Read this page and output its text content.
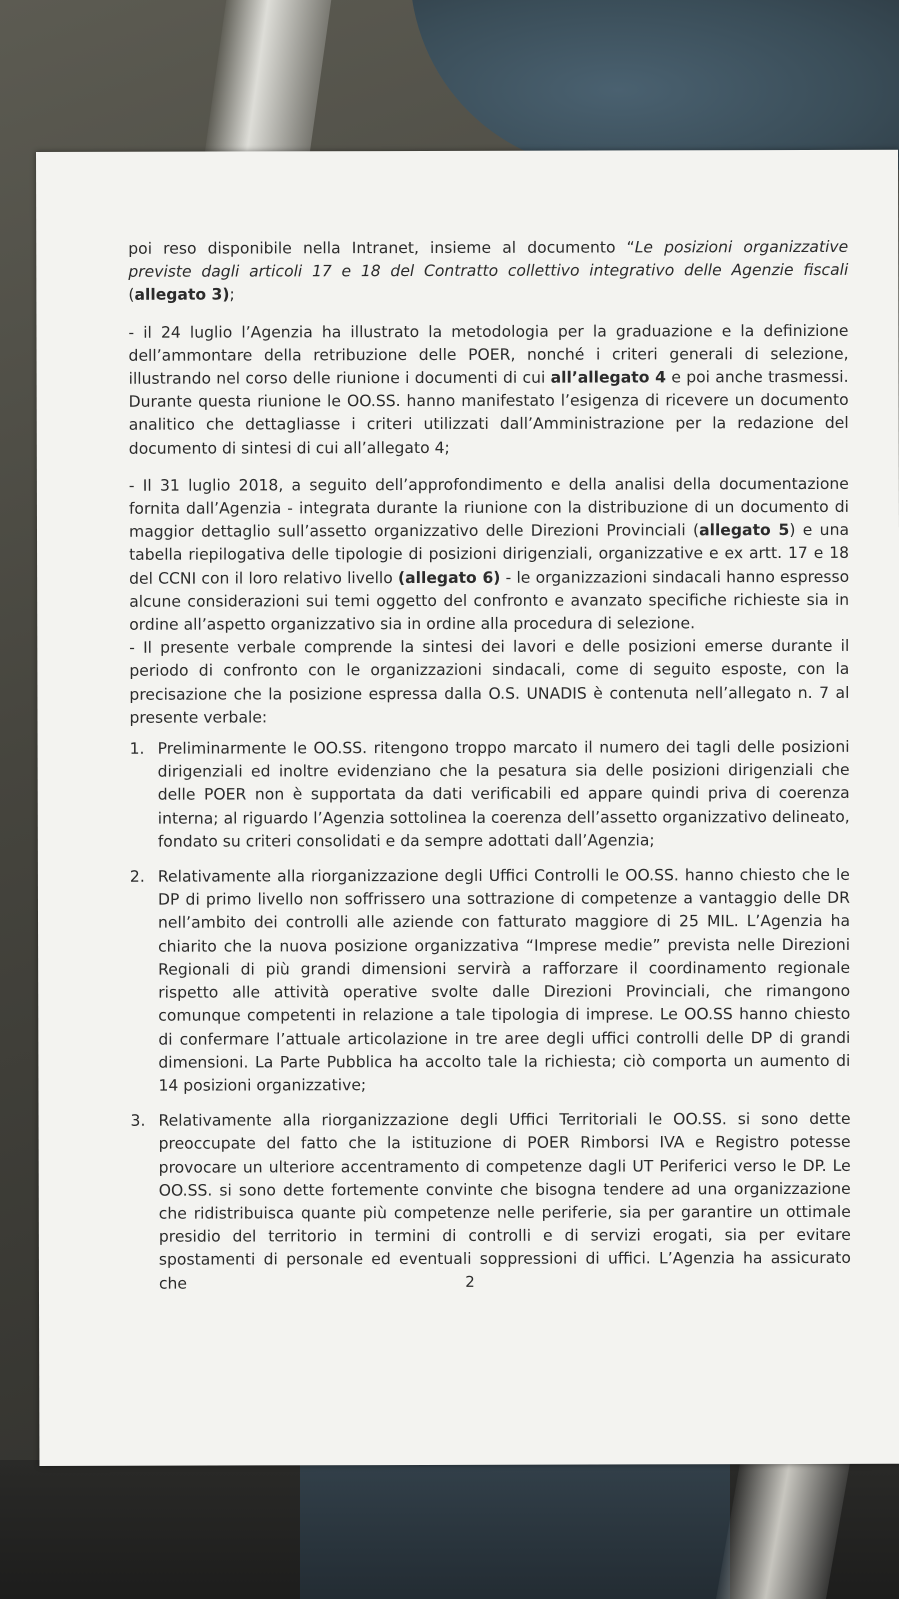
poi reso disponibile nella Intranet, insieme al documento “Le posizioni organizzative previste dagli articoli 17 e 18 del Contratto collettivo integrativo delle Agenzie fiscali (allegato 3);

- il 24 luglio l’Agenzia ha illustrato la metodologia per la graduazione e la definizione dell’ammontare della retribuzione delle POER, nonché i criteri generali di selezione, illustrando nel corso delle riunione i documenti di cui all’allegato 4 e poi anche trasmessi. Durante questa riunione le OO.SS. hanno manifestato l’esigenza di ricevere un documento analitico che dettagliasse i criteri utilizzati dall’Amministrazione per la redazione del documento di sintesi di cui all’allegato 4;

- Il 31 luglio 2018, a seguito dell’approfondimento e della analisi della documentazione fornita dall’Agenzia - integrata durante la riunione con la distribuzione di un documento di maggior dettaglio sull’assetto organizzativo delle Direzioni Provinciali (allegato 5) e una tabella riepilogativa delle tipologie di posizioni dirigenziali, organizzative e ex artt. 17 e 18 del CCNI con il loro relativo livello (allegato 6) - le organizzazioni sindacali hanno espresso alcune considerazioni sui temi oggetto del confronto e avanzato specifiche richieste sia in ordine all’aspetto organizzativo sia in ordine alla procedura di selezione.

- Il presente verbale comprende la sintesi dei lavori e delle posizioni emerse durante il periodo di confronto con le organizzazioni sindacali, come di seguito esposte, con la precisazione che la posizione espressa dalla O.S. UNADIS è contenuta nell’allegato n. 7 al presente verbale:

1. Preliminarmente le OO.SS. ritengono troppo marcato il numero dei tagli delle posizioni dirigenziali ed inoltre evidenziano che la pesatura sia delle posizioni dirigenziali che delle POER non è supportata da dati verificabili ed appare quindi priva di coerenza interna; al riguardo l’Agenzia sottolinea la coerenza dell’assetto organizzativo delineato, fondato su criteri consolidati e da sempre adottati dall’Agenzia;
2. Relativamente alla riorganizzazione degli Uffici Controlli le OO.SS. hanno chiesto che le DP di primo livello non soffrissero una sottrazione di competenze a vantaggio delle DR nell’ambito dei controlli alle aziende con fatturato maggiore di 25 MIL. L’Agenzia ha chiarito che la nuova posizione organizzativa “Imprese medie” prevista nelle Direzioni Regionali di più grandi dimensioni servirà a rafforzare il coordinamento regionale rispetto alle attività operative svolte dalle Direzioni Provinciali, che rimangono comunque competenti in relazione a tale tipologia di imprese. Le OO.SS hanno chiesto di confermare l’attuale articolazione in tre aree degli uffici controlli delle DP di grandi dimensioni. La Parte Pubblica ha accolto tale la richiesta; ciò comporta un aumento di 14 posizioni organizzative;
3. Relativamente alla riorganizzazione degli Uffici Territoriali le OO.SS. si sono dette preoccupate del fatto che la istituzione di POER Rimborsi IVA e Registro potesse provocare un ulteriore accentramento di competenze dagli UT Periferici verso le DP. Le OO.SS. si sono dette fortemente convinte che bisogna tendere ad una organizzazione che ridistribuisca quante più competenze nelle periferie, sia per garantire un ottimale presidio del territorio in termini di controlli e di servizi erogati, sia per evitare spostamenti di personale ed eventuali soppressioni di uffici. L’Agenzia ha assicurato che	2
